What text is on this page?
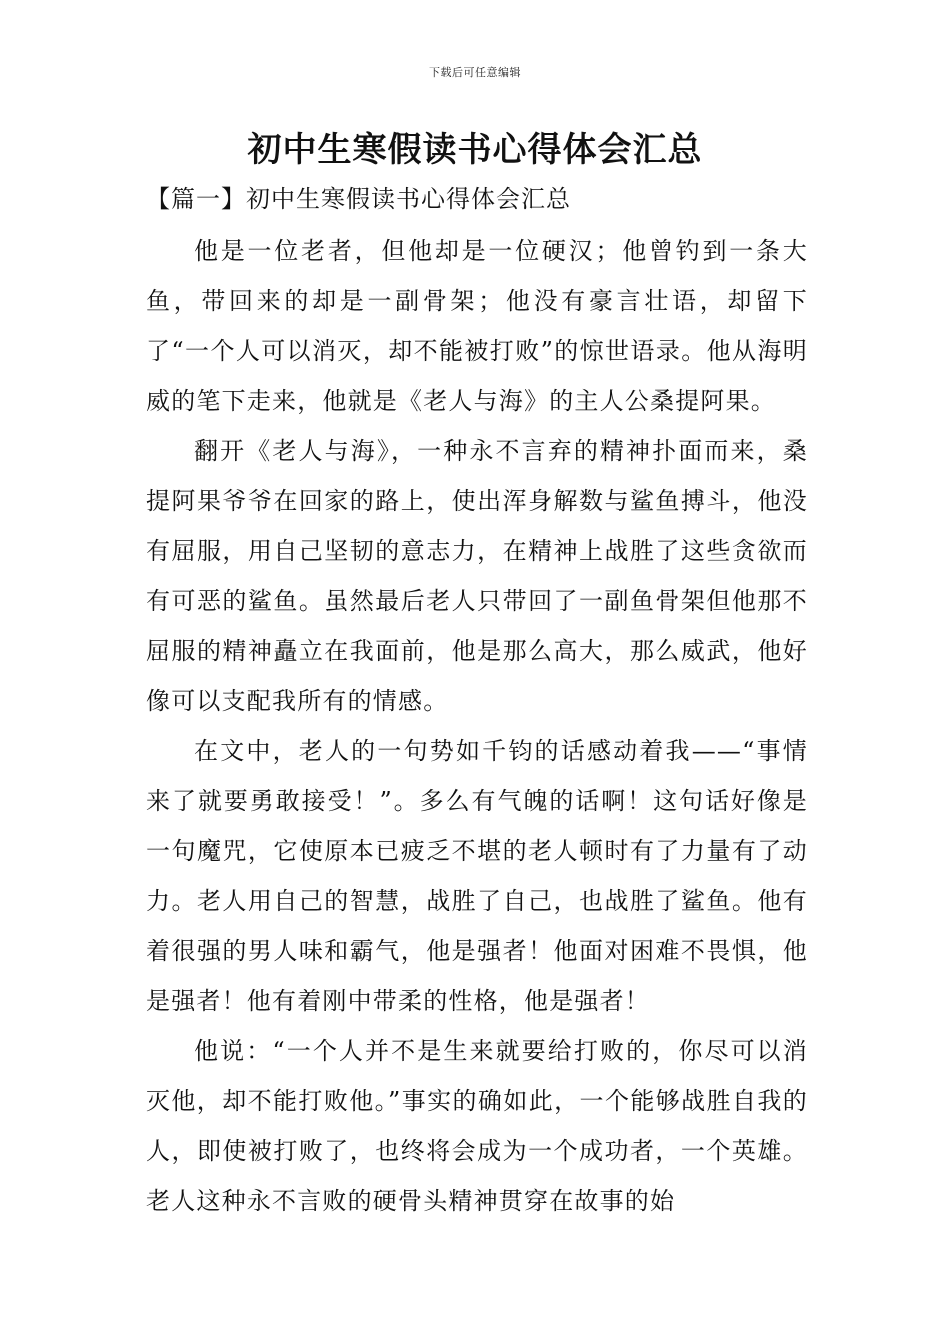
下载后可任意编辑
初中生寒假读书心得体会汇总
【篇一】初中生寒假读书心得体会汇总

他是一位老者，但他却是一位硬汉；他曾钓到一条大鱼，带回来的却是一副骨架；他没有豪言壮语，却留下了“一个人可以消灭，却不能被打败”的惊世语录。他从海明威的笔下走来，他就是《老人与海》的主人公桑提阿果。

翻开《老人与海》，一种永不言弃的精神扑面而来，桑提阿果爷爷在回家的路上，使出浑身解数与鲨鱼搏斗，他没有屈服，用自己坚韧的意志力，在精神上战胜了这些贪欲而有可恶的鲨鱼。虽然最后老人只带回了一副鱼骨架但他那不屈服的精神矗立在我面前，他是那么高大，那么威武，他好像可以支配我所有的情感。

在文中，老人的一句势如千钧的话感动着我——“事情来了就要勇敢接受！”。多么有气魄的话啊！这句话好像是一句魔咒，它使原本已疲乏不堪的老人顿时有了力量有了动力。老人用自己的智慧，战胜了自己，也战胜了鲨鱼。他有着很强的男人味和霸气，他是强者！他面对困难不畏惧，他是强者！他有着刚中带柔的性格，他是强者！

他说：“一个人并不是生来就要给打败的，你尽可以消灭他，却不能打败他。”事实的确如此，一个能够战胜自我的人，即使被打败了，也终将会成为一个成功者，一个英雄。老人这种永不言败的硬骨头精神贯穿在故事的始
